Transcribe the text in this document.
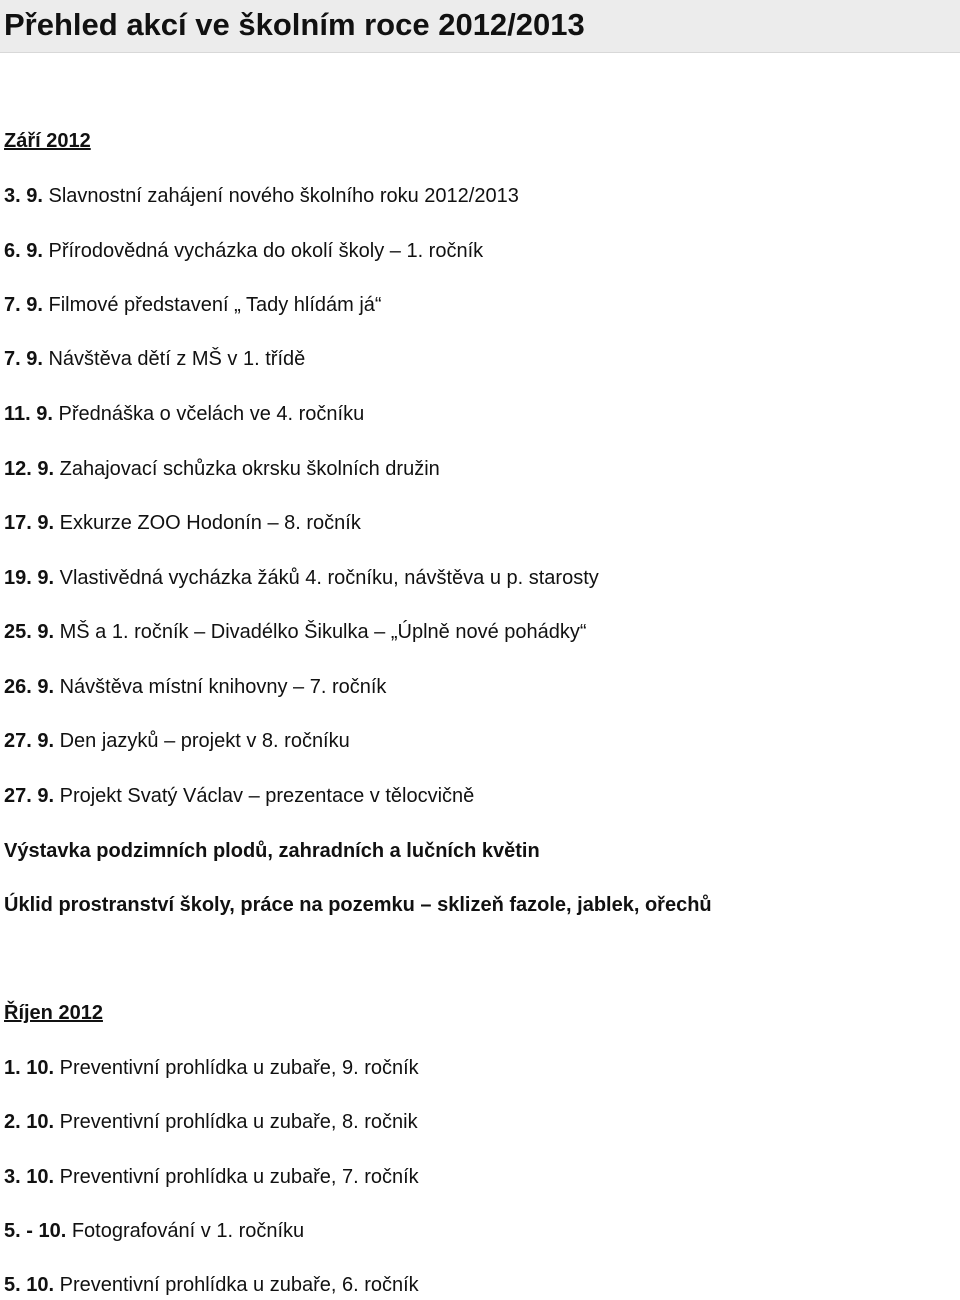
Přehled akcí ve školním roce 2012/2013
Září 2012
3. 9. Slavnostní zahájení nového školního roku 2012/2013
6. 9. Přírodovědná vycházka do okolí školy – 1. ročník
7. 9. Filmové představení „ Tady hlídám já“
7. 9. Návštěva dětí z MŠ v 1. třídě
11. 9. Přednáška o včelách ve 4. ročníku
12. 9. Zahajovací schůzka okrsku školních družin
17. 9. Exkurze ZOO Hodonín – 8. ročník
19. 9. Vlastivědná vycházka žáků 4. ročníku, návštěva u p. starosty
25. 9. MŠ a 1. ročník – Divadélko Šikulka – „Úplně nové pohádky“
26. 9. Návštěva místní knihovny – 7. ročník
27. 9. Den jazyků – projekt v 8. ročníku
27. 9. Projekt Svatý Václav – prezentace v tělocvičně
Výstavka podzimních plodů, zahradních a lučních květin
Úklid prostranství školy, práce na pozemku – sklizeň fazole, jablek, ořechů
Říjen 2012
1. 10. Preventivní prohlídka u zubaře, 9. ročník
2. 10. Preventivní prohlídka u zubaře, 8. ročnik
3. 10. Preventivní prohlídka u zubaře, 7. ročník
5. - 10. Fotografování v 1. ročníku
5. 10. Preventivní prohlídka u zubaře, 6. ročník
